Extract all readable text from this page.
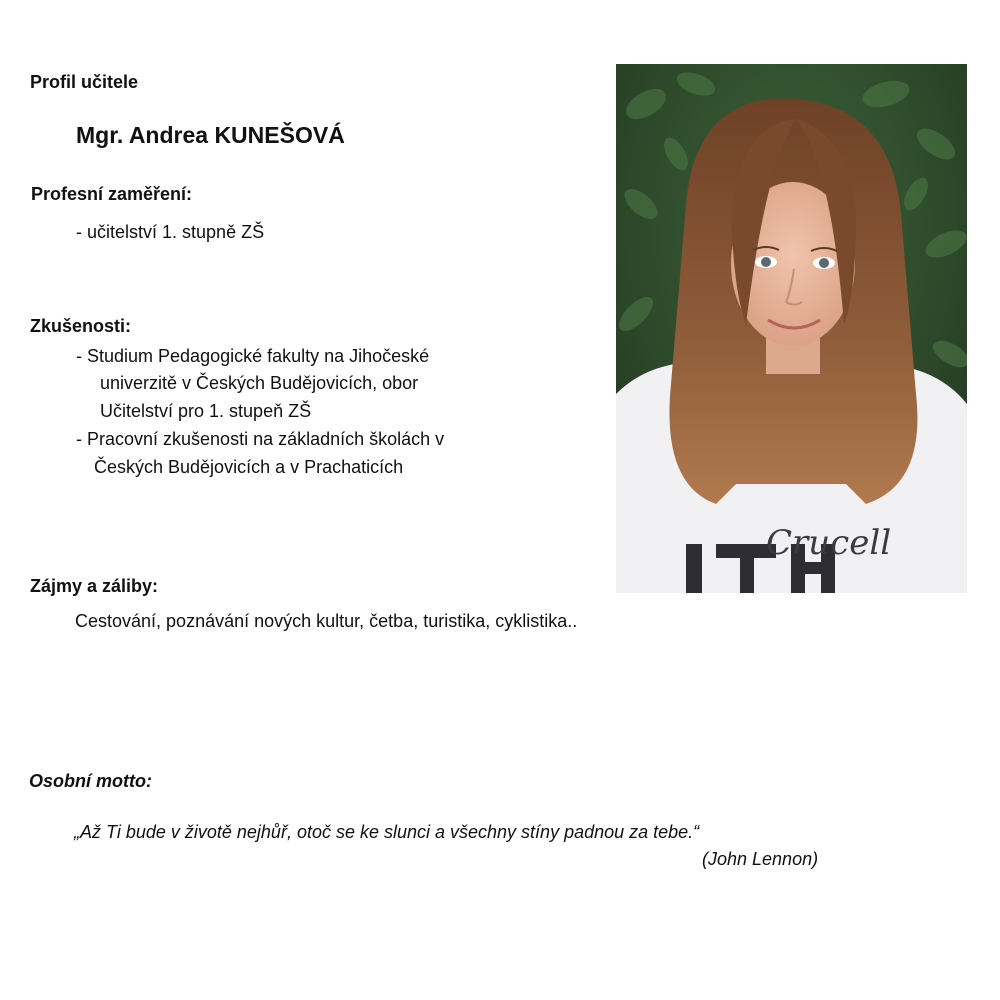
Profil učitele
Mgr. Andrea KUNEŠOVÁ
Profesní zaměření:
- učitelství 1. stupně ZŠ
Zkušenosti:
- Studium Pedagogické fakulty na Jihočeské
univerzitě v Českých Budějovicích, obor
Učitelství pro 1. stupeň ZŠ
- Pracovní zkušenosti na základních školách v
Českých Budějovicích a v Prachaticích
Zájmy a záliby:
Cestování, poznávání nových kultur, četba, turistika, cyklistika..
Osobní motto:
„Až Ti bude v životě nejhůř, otoč se ke slunci a všechny stíny padnou za tebe.“
(John Lennon)
Crucell
